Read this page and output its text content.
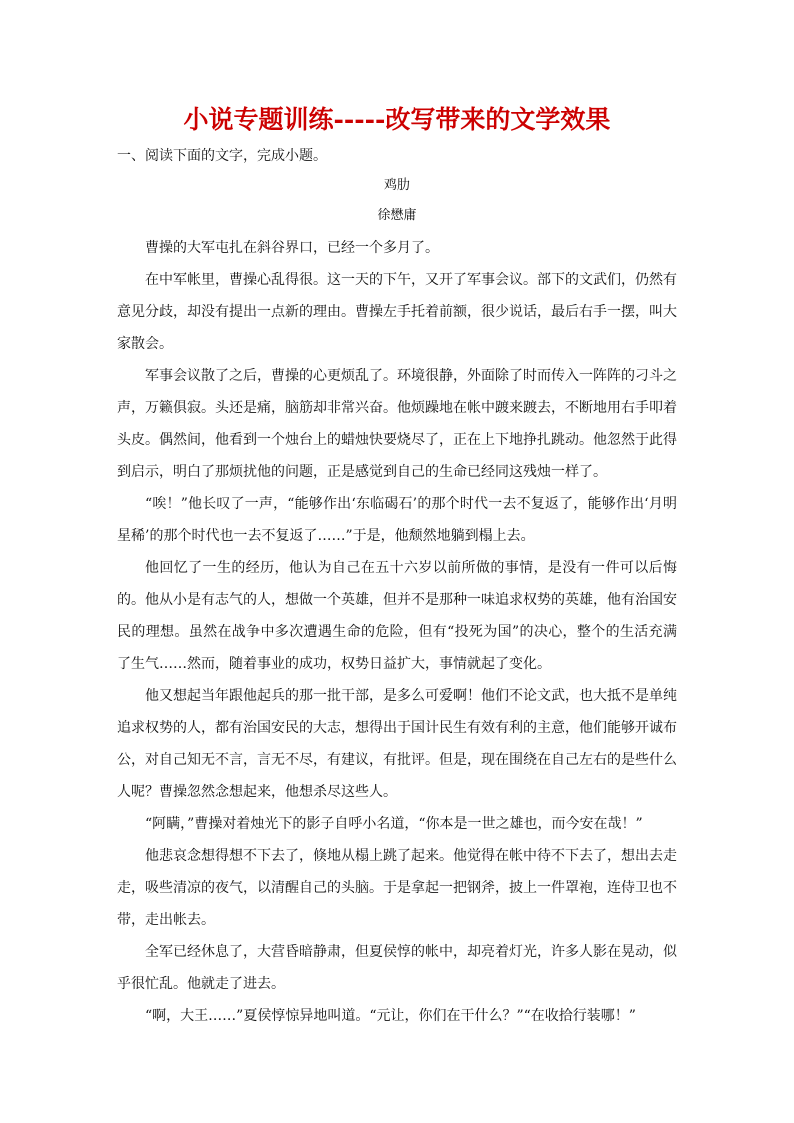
小说专题训练-----改写带来的文学效果
一、阅读下面的文字，完成小题。
鸡肋
徐懋庸

曹操的大军屯扎在斜谷界口，已经一个多月了。

在中军帐里，曹操心乱得很。这一天的下午，又开了军事会议。部下的文武们，仍然有意见分歧，却没有提出一点新的理由。曹操左手托着前额，很少说话，最后右手一摆，叫大家散会。

军事会议散了之后，曹操的心更烦乱了。环境很静，外面除了时而传入一阵阵的刁斗之声，万籁俱寂。头还是痛，脑筋却非常兴奋。他烦躁地在帐中踱来踱去，不断地用右手叩着头皮。偶然间，他看到一个烛台上的蜡烛快要烧尽了，正在上下地挣扎跳动。他忽然于此得到启示，明白了那烦扰他的问题，正是感觉到自己的生命已经同这残烛一样了。

“唉！”他长叹了一声，“能够作出‘东临碣石’的那个时代一去不复返了，能够作出‘月明星稀’的那个时代也一去不复返了……”于是，他颓然地躺到榻上去。

他回忆了一生的经历，他认为自己在五十六岁以前所做的事情，是没有一件可以后悔的。他从小是有志气的人，想做一个英雄，但并不是那种一味追求权势的英雄，他有治国安民的理想。虽然在战争中多次遭遇生命的危险，但有“投死为国”的决心，整个的生活充满了生气……然而，随着事业的成功，权势日益扩大，事情就起了变化。

他又想起当年跟他起兵的那一批干部，是多么可爱啊！他们不论文武，也大抵不是单纯追求权势的人，都有治国安民的大志，想得出于国计民生有效有利的主意，他们能够开诚布公，对自己知无不言，言无不尽，有建议，有批评。但是，现在围绕在自己左右的是些什么人呢？曹操忽然念想起来，他想杀尽这些人。

“阿瞒，”曹操对着烛光下的影子自呼小名道，“你本是一世之雄也，而今安在哉！”

他悲哀念想得想不下去了，倏地从榻上跳了起来。他觉得在帐中待不下去了，想出去走走，吸些清凉的夜气，以清醒自己的头脑。于是拿起一把钢斧，披上一件罩袍，连侍卫也不带，走出帐去。

全军已经休息了，大营昏暗静肃，但夏侯惇的帐中，却亮着灯光，许多人影在晃动，似乎很忙乱。他就走了进去。

“啊，大王……”夏侯惇惊异地叫道。“元让，你们在干什么？”“在收拾行装哪！”
